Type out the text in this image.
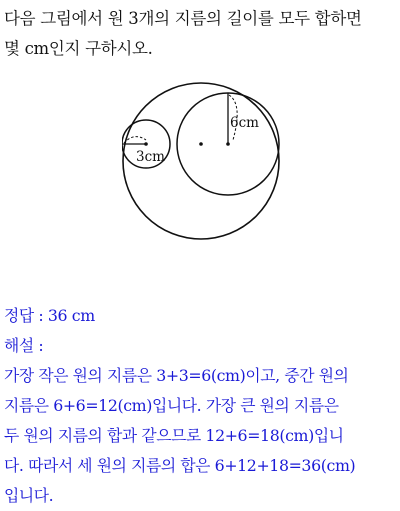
다음 그림에서 원 3개의 지름의 길이를 모두 합하면
몇 cm인지 구하시오.
3cm
6cm

정답 : 36 cm

해설 :

가장 작은 원의 지름은 3+3=6(cm)이고, 중간 원의

지름은 6+6=12(cm)입니다. 가장 큰 원의 지름은

두 원의 지름의 합과 같으므로 12+6=18(cm)입니

다. 따라서 세 원의 지름의 합은 6+12+18=36(cm)

입니다.
